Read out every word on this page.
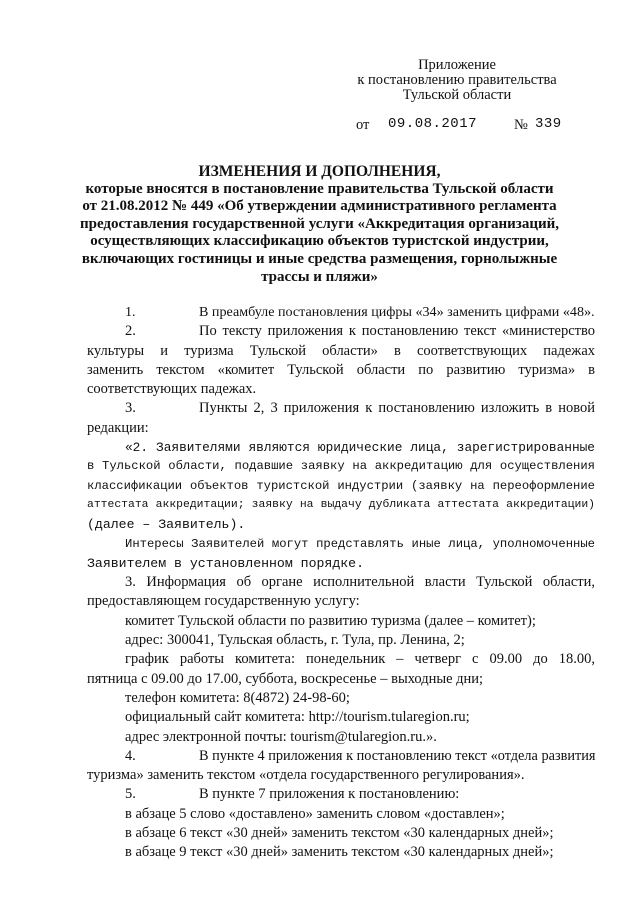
Приложение
к постановлению правительства
Тульской области
от 09.08.2017	№ 339
ИЗМЕНЕНИЯ И ДОПОЛНЕНИЯ,
которые вносятся в постановление правительства Тульской области
от 21.08.2012 № 449 «Об утверждении административного регламента
предоставления государственной услуги «Аккредитация организаций,
осуществляющих классификацию объектов туристской индустрии,
включающих гостиницы и иные средства размещения, горнолыжные
трассы и пляжи»
1.	В преамбуле постановления цифры «34» заменить цифрами «48».
2.	По тексту приложения к постановлению текст «министерство
культуры и туризма Тульской области» в соответствующих падежах
заменить текстом «комитет Тульской области по развитию туризма» в
соответствующих падежах.
3.	Пункты 2, 3 приложения к постановлению изложить в новой
редакции:
«2. Заявителями являются юридические лица, зарегистрированные
в Тульской области, подавшие заявку на аккредитацию для осуществления
классификации объектов туристской индустрии (заявку на переоформление
аттестата аккредитации; заявку на выдачу дубликата аттестата аккредитации)
(далее – Заявитель).
Интересы Заявителей могут представлять иные лица, уполномоченные
Заявителем в установленном порядке.
3. Информация об органе исполнительной власти Тульской области,
предоставляющем государственную услугу:
комитет Тульской области по развитию туризма (далее – комитет);
адрес: 300041, Тульская область, г. Тула, пр. Ленина, 2;
график работы комитета: понедельник – четверг с 09.00 до 18.00,
пятница с 09.00 до 17.00, суббота, воскресенье – выходные дни;
телефон комитета: 8(4872) 24-98-60;
официальный сайт комитета: http://tourism.tularegion.ru;
адрес электронной почты: tourism@tularegion.ru.».
4.	В пункте 4 приложения к постановлению текст «отдела развития
туризма» заменить текстом «отдела государственного регулирования».
5.	В пункте 7 приложения к постановлению:
в абзаце 5 слово «доставлено» заменить словом «доставлен»;
в абзаце 6 текст «30 дней» заменить текстом «30 календарных дней»;
в абзаце 9 текст «30 дней» заменить текстом «30 календарных дней»;
